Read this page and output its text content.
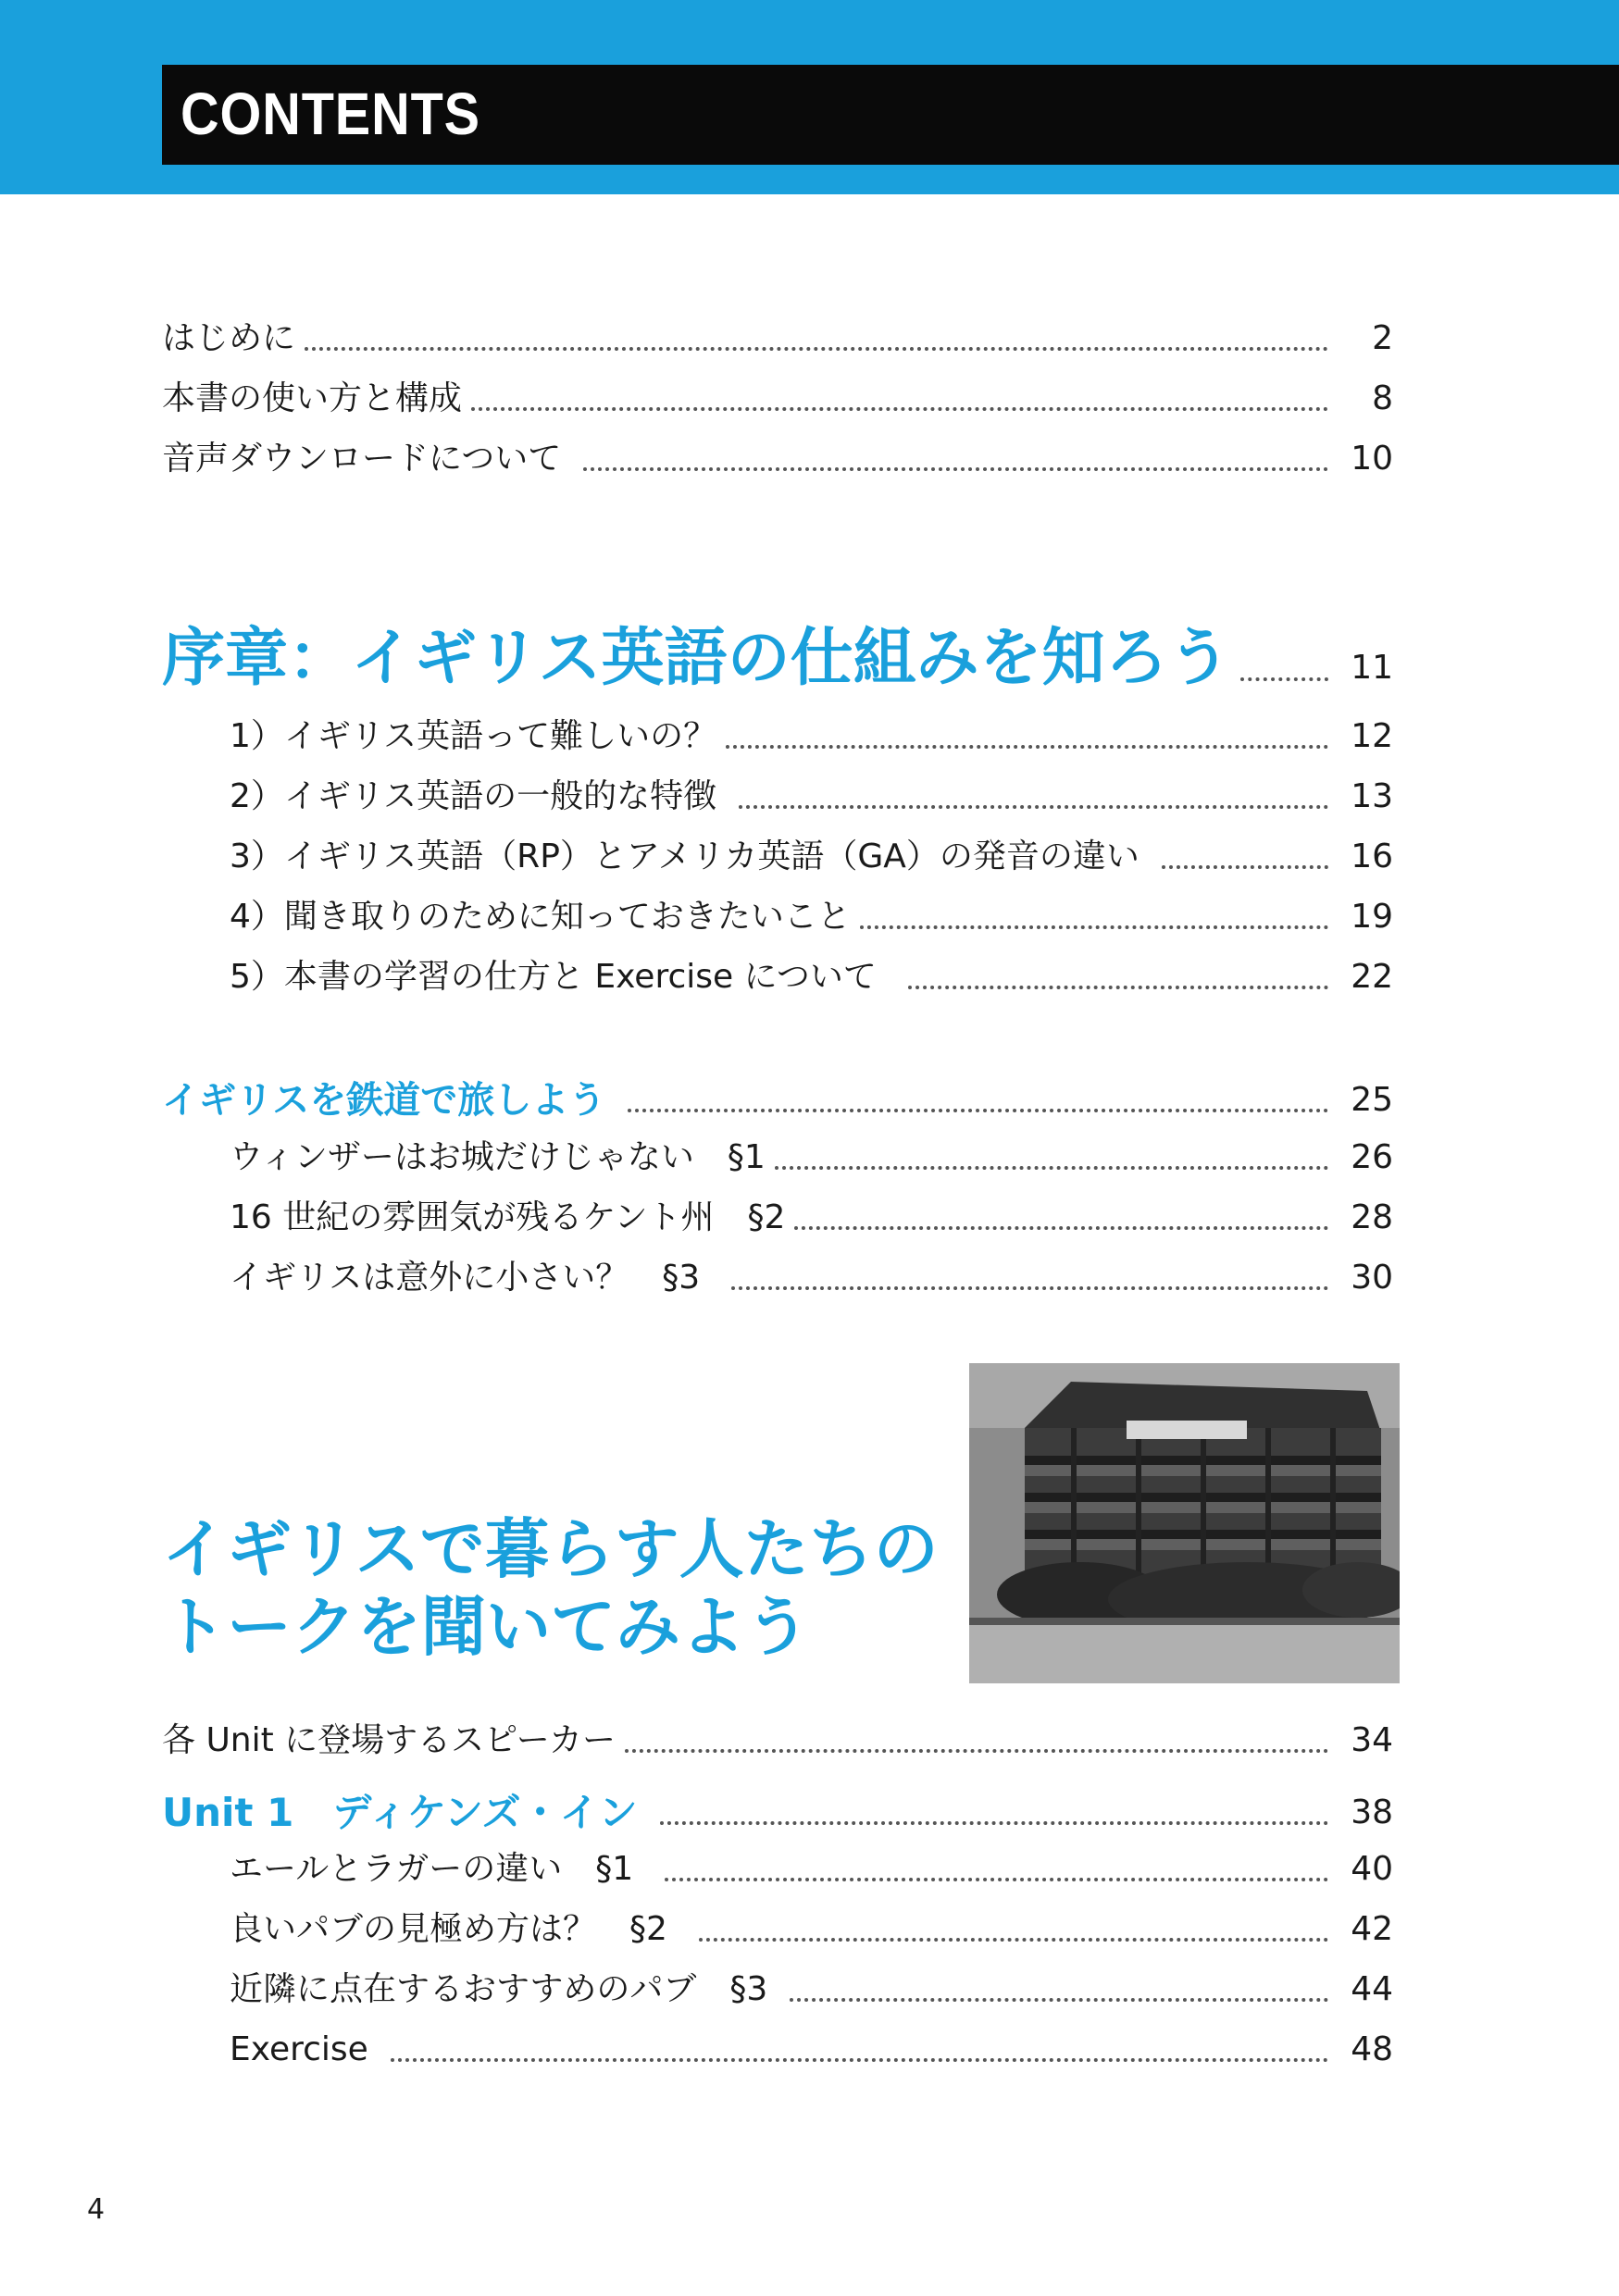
CONTENTS
はじめに	2
本書の使い方と構成	8
音声ダウンロードについて	10
序章：イギリス英語の仕組みを知ろう	11
1）イギリス英語って難しいの？	12
2）イギリス英語の一般的な特徴	13
3）イギリス英語（RP）とアメリカ英語（GA）の発音の違い	16
4）聞き取りのために知っておきたいこと	19
5）本書の学習の仕方と Exercise について	22
イギリスを鉄道で旅しよう	25
ウィンザーはお城だけじゃない　§1	26
16 世紀の雰囲気が残るケント州　§2	28
イギリスは意外に小さい？　§3	30
イギリスで暮らす人たちの
トークを聞いてみよう
各 Unit に登場するスピーカー	34
Unit 1　ディケンズ・イン	38
エールとラガーの違い　§1	40
良いパブの見極め方は？　§2	42
近隣に点在するおすすめのパブ　§3	44
Exercise	48
4
